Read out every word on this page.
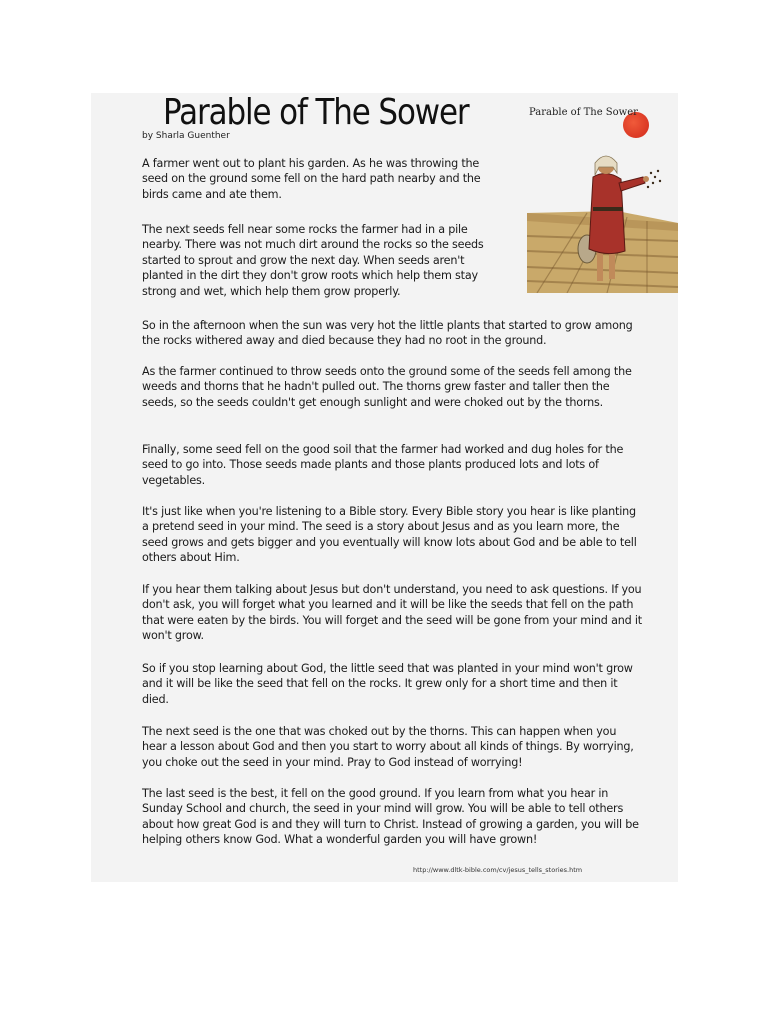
Parable of The Sower

by Sharla Guenther

Parable of The Sower

A farmer went out to plant his garden. As he was throwing the seed on the ground some fell on the hard path nearby and the birds came and ate them.

The next seeds fell near some rocks the farmer had in a pile nearby. There was not much dirt around the rocks so the seeds started to sprout and grow the next day. When seeds aren't planted in the dirt they don't grow roots which help them stay strong and wet, which help them grow properly.

So in the afternoon when the sun was very hot the little plants that started to grow among the rocks withered away and died because they had no root in the ground.

As the farmer continued to throw seeds onto the ground some of the seeds fell among the weeds and thorns that he hadn't pulled out. The thorns grew faster and taller then the seeds, so the seeds couldn't get enough sunlight and were choked out by the thorns.

Finally, some seed fell on the good soil that the farmer had worked and dug holes for the seed to go into. Those seeds made plants and those plants produced lots and lots of vegetables.

It's just like when you're listening to a Bible story. Every Bible story you hear is like planting a pretend seed in your mind. The seed is a story about Jesus and as you learn more, the seed grows and gets bigger and you eventually will know lots about God and be able to tell others about Him.

If you hear them talking about Jesus but don't understand, you need to ask questions. If you don't ask, you will forget what you learned and it will be like the seeds that fell on the path that were eaten by the birds. You will forget and the seed will be gone from your mind and it won't grow.

So if you stop learning about God, the little seed that was planted in your mind won't grow and it will be like the seed that fell on the rocks. It grew only for a short time and then it died.

The next seed is the one that was choked out by the thorns. This can happen when you hear a lesson about God and then you start to worry about all kinds of things. By worrying, you choke out the seed in your mind. Pray to God instead of worrying!

The last seed is the best, it fell on the good ground. If you learn from what you hear in Sunday School and church, the seed in your mind will grow. You will be able to tell others about how great God is and they will turn to Christ. Instead of growing a garden, you will be helping others know God. What a wonderful garden you will have grown!

http://www.dltk-bible.com/cv/jesus_tells_stories.htm
